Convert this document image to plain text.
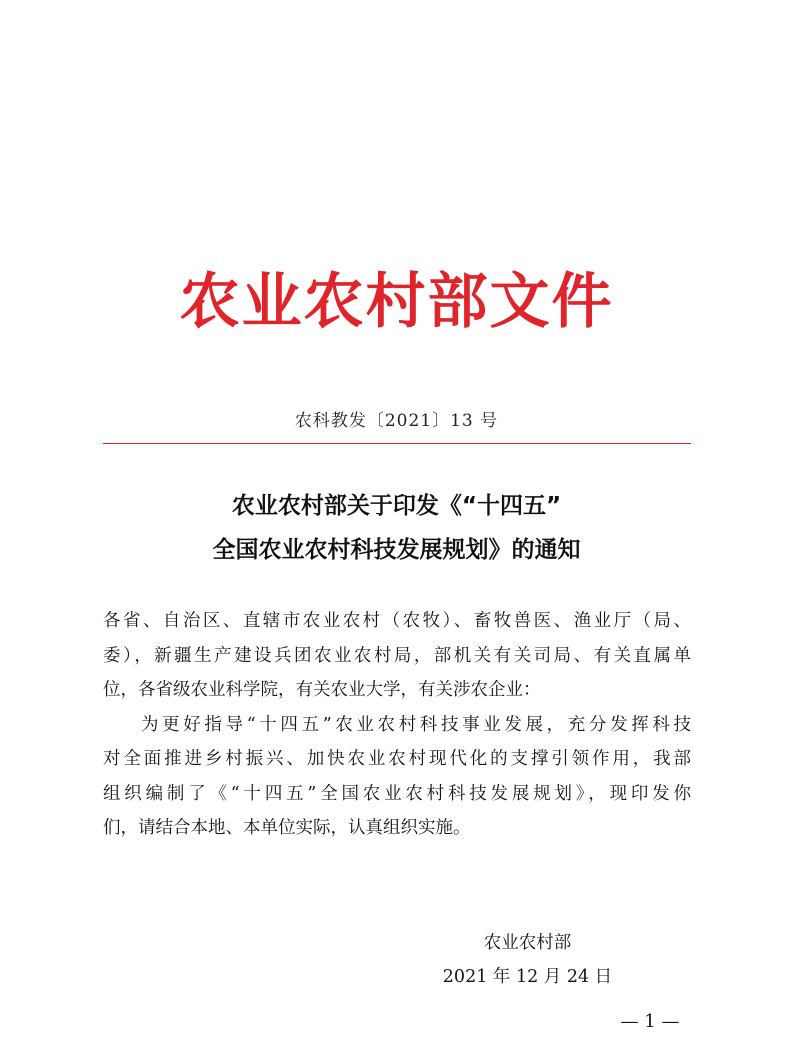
农业农村部文件
农科教发〔2021〕13 号
农业农村部关于印发《“十四五”
全国农业农村科技发展规划》的通知
各省、自治区、直辖市农业农村（农牧）、畜牧兽医、渔业厅（局、
委），新疆生产建设兵团农业农村局，部机关有关司局、有关直属单
位，各省级农业科学院，有关农业大学，有关涉农企业：
为更好指导“十四五”农业农村科技事业发展，充分发挥科技
对全面推进乡村振兴、加快农业农村现代化的支撑引领作用，我部
组织编制了《“十四五”全国农业农村科技发展规划》，现印发你
们，请结合本地、本单位实际，认真组织实施。
农业农村部
2021 年 12 月 24 日
— 1 —
